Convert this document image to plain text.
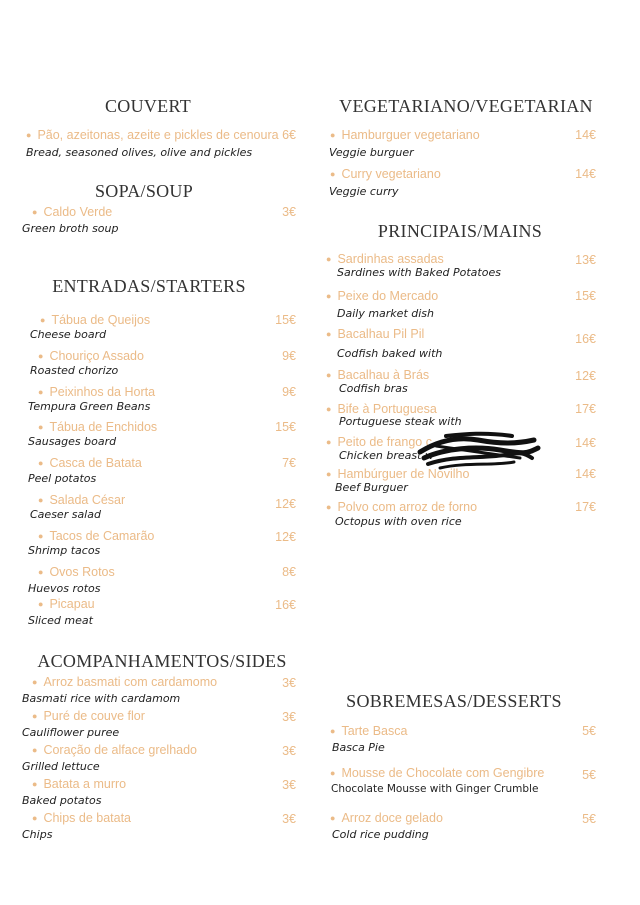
COUVERT
● Pão, azeitonas, azeite e pickles de cenoura 6€
Bread, seasoned olives, olive and pickles
SOPA/SOUP
● Caldo Verde	3€
Green broth soup
ENTRADAS/STARTERS
● Tábua de Queijos	15€
Cheese board
● Chouriço Assado	9€
Roasted chorizo
● Peixinhos da Horta	9€
Tempura Green Beans
● Tábua de Enchidos	15€
Sausages board
● Casca de Batata	7€
Peel potatos
● Salada César	12€
Caeser salad
● Tacos de Camarão	12€
Shrimp tacos
● Ovos Rotos	8€
Huevos rotos
● Picapau	16€
Sliced meat
ACOMPANHAMENTOS/SIDES
● Arroz basmati com cardamomo	3€
Basmati rice with cardamom
● Puré de couve flor	3€
Cauliflower puree
● Coração de alface grelhado	3€
Grilled lettuce
● Batata a murro	3€
Baked potatos
● Chips de batata	3€
Chips
VEGETARIANO/VEGETARIAN
● Hamburguer vegetariano	14€
Veggie burguer
● Curry vegetariano	14€
Veggie curry
PRINCIPAIS/MAINS
● Sardinhas assadas	13€
Sardines with Baked Potatoes
● Peixe do Mercado	15€
Daily market dish
● Bacalhau Pil Pil	16€
Codfish baked with
● Bacalhau à Brás	12€
Codfish bras
● Bife à Portuguesa	17€
Portuguese steak with
● Peito de frango c	14€
Chicken breast w
● Hambúrguer de Novilho	14€
Beef Burguer
● Polvo com arroz de forno	17€
Octopus with oven rice
SOBREMESAS/DESSERTS
● Tarte Basca	5€
Basca Pie
● Mousse de Chocolate com Gengibre	5€
Chocolate Mousse with Ginger Crumble
● Arroz doce gelado	5€
Cold rice pudding
